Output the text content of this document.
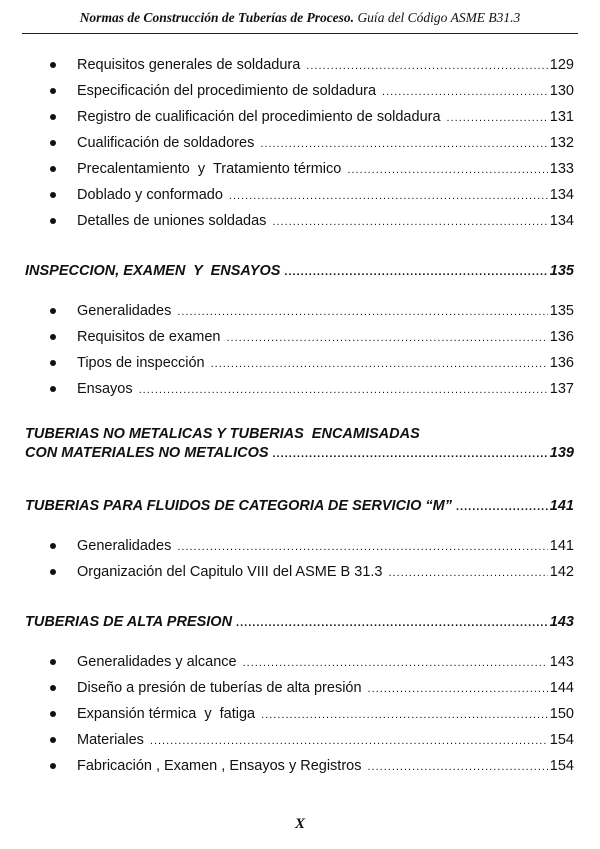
Normas de Construcción de Tuberías de Proceso. Guía del Código ASME B31.3
Requisitos generales de soldadura .....	129
Especificación del procedimiento de soldadura .....	130
Registro de cualificación del procedimiento de soldadura .....	131
Cualificación de soldadores .....	132
Precalentamiento  y  Tratamiento térmico .....	133
Doblado y conformado .....	134
Detalles de uniones soldadas .....	134
INSPECCION, EXAMEN  Y  ENSAYOS .....	135
Generalidades .....	135
Requisitos de examen .....	136
Tipos de inspección .....	136
Ensayos .....	137
TUBERIAS NO METALICAS Y TUBERIAS  ENCAMISADAS
CON MATERIALES NO METALICOS .....	139
TUBERIAS PARA FLUIDOS DE CATEGORIA DE SERVICIO “M” .....	141
Generalidades .....	141
Organización del Capitulo VIII del ASME B 31.3 .....	142
TUBERIAS DE ALTA PRESION .....	143
Generalidades y alcance .....	143
Diseño a presión de tuberías de alta presión .....	144
Expansión térmica  y  fatiga .....	150
Materiales .....	154
Fabricación , Examen , Ensayos y Registros .....	154
X
